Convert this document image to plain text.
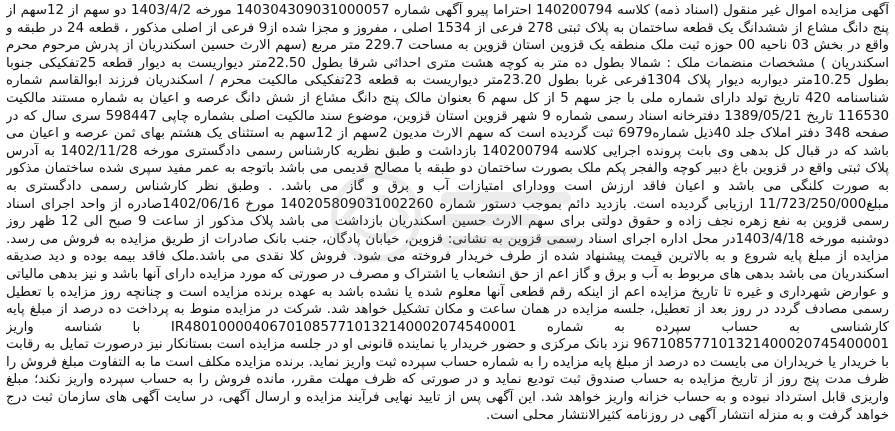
آگهی مزایده اموال غیر منقول (اسناد ذمه) کلاسه 140200794 احتراما پیرو آگهی شماره 140304309031000057 مورخه 1403/4/2 دو سهم از 12سهم از پنج دانگ مشاع از ششدانگ یک قطعه ساختمان به پلاک ثبتی 278 فرعی از 1534 اصلی ، مفروز و مجزا شده از9 فرعی از اصلی مذکور ، قطعه 24 در طبقه و واقع در بخش 03 ناحیه 00 حوزه ثبت ملک منطقه یک قزوین استان قزوین به مساحت 229.7 متر مربع (سهم الارث حسین اسکندریان از پدرش مرحوم محرم اسکندریان ) مشخصات منضمات ملک : شمالا بطول ده متر به کوچه هشت متری احداثی شرقا بطول 22.50متر دیواریست به دیوار قطعه 25تفکیکی جنوبا بطول 10.25متر دیواربه دیوار پلاک 1304فرعی غربا بطول 23.20متر دیواریست به قطعه 23تفکیکی مالکیت محرم / اسکندریان فرزند ابوالقاسم شماره شناسنامه 420 تاریخ تولد دارای شماره ملی با جز سهم 5 از کل سهم 6 بعنوان مالک پنج دانگ مشاع از شش دانگ عرصه و اعیان به شماره مستند مالکیت 116530 تاریخ 1389/05/21 دفترخانه اسناد رسمی شماره 9 شهر قزوین استان قزوین، موضوع سند مالکیت اصلی بشماره چاپی 598447 سری سال که در صفحه 348 دفتر املاک جلد 40ذیل شماره6979 ثبت گردیده است که سهم الارث مدیون 2سهم از 12سهم به استثنای یک هشتم بهای ثمن عرصه و اعیان می باشد که در قبال کل بدهی وی بابت پرونده اجرایی کلاسه 140200794 بازداشت و طبق نظریه کارشناس رسمی دادگستری مورخه 1402/11/28 به آدرس پلاک ثبتی واقع در قزوین باغ دبیر کوچه والفجر پکم ملک بصورت ساختمان دو طبقه با مصالح قدیمی می باشد باتوجه به عمر مفید سپری شده ساختمان مذکور به صورت کلنگی می باشد و اعیان فاقد ارزش است وودارای امتیازات آب و برق و گاز می باشد. . وطبق نظر کارشناس رسمی دادگستری به مبلغ11/723/250/000 ارزیابی گردیده است. بازدید دائم بموجب دستور شماره 140205809031002260 مورخ 1402/06/16صادره از واحد اجرای اسناد رسمی قزوین به نفع زهره نجف زاده و حقوق دولتی برای سهم الارث حسین اسکندریان بازداشت می باشد پلاک مذکور از ساعت 9 صبح الی 12 ظهر روز دوشنبه مورخه 1403/4/18در محل اداره اجرای اسناد رسمی قزوین به نشانی: قزوین، خیابان پادگان، جنب بانک صادرات از طریق مزایده به فروش می رسد. مزایده از مبلغ پایه شروع و به بالاترین قیمت پیشنهاد شده از طرف خریدار فروخته می شود. فروش کلا نقدی می باشد.ملک فاقد بیمه بوده و دید صدیقه اسکندریان می باشد بدهی های مربوط به آب و برق و گاز اعم از حق انشعاب یا اشتراک و مصرف در صورتی که مورد مزایده دارای آنها باشد و نیز بدهی مالیاتی و عوارض شهرداری و غیره تا تاریخ مزایده اعم از اینکه رقم قطعی آنها معلوم شده یا نشده باشد به عهده برنده مزایده است و چنانچه روز مزایده با تعطیل رسمی مصادف گردد در روز بعد از تعطیل، جلسه مزایده در همان ساعت و مکان تشکیل خواهد شد. شرکت در مزایده منوط به پرداخت ده درصد از مبلغ پایه کارشناسی به حساب سپرده به شماره IR480100004067010857710132140002074540001 با شناسه واریز 967108577101321400020745400001 نزد بانک مرکزی و حضور خریدار یا نماینده قانونی او در جلسه مزایده است بستانکار نیز درصورت تمایل به رقابت با خریدار یا خریداران می بایست ده درصد از مبلغ پایه مزایده را به شماره حساب سپرده ثبت واریز نماید. برنده مزایده مکلف است ما به التفاوت مبلغ فروش را ظرف مدت پنج روز از تاریخ مزایده به حساب صندوق ثبت تودیع نماید و در صورتی که ظرف مهلت مقرر، مانده فروش را به حساب سپرده واریز نکند؛ مبلغ واریزی قابل استرداد نبوده و به حساب خزانه واریز خواهد شد. این آگهی پس از تایید نهایی فرآیند مزایده و ارسال آگهی، در سایت آگهی های سازمان ثبت درج خواهد گرفت و به منزله انتشار آگهی در روزنامه کثیرالانتشار محلی است.
